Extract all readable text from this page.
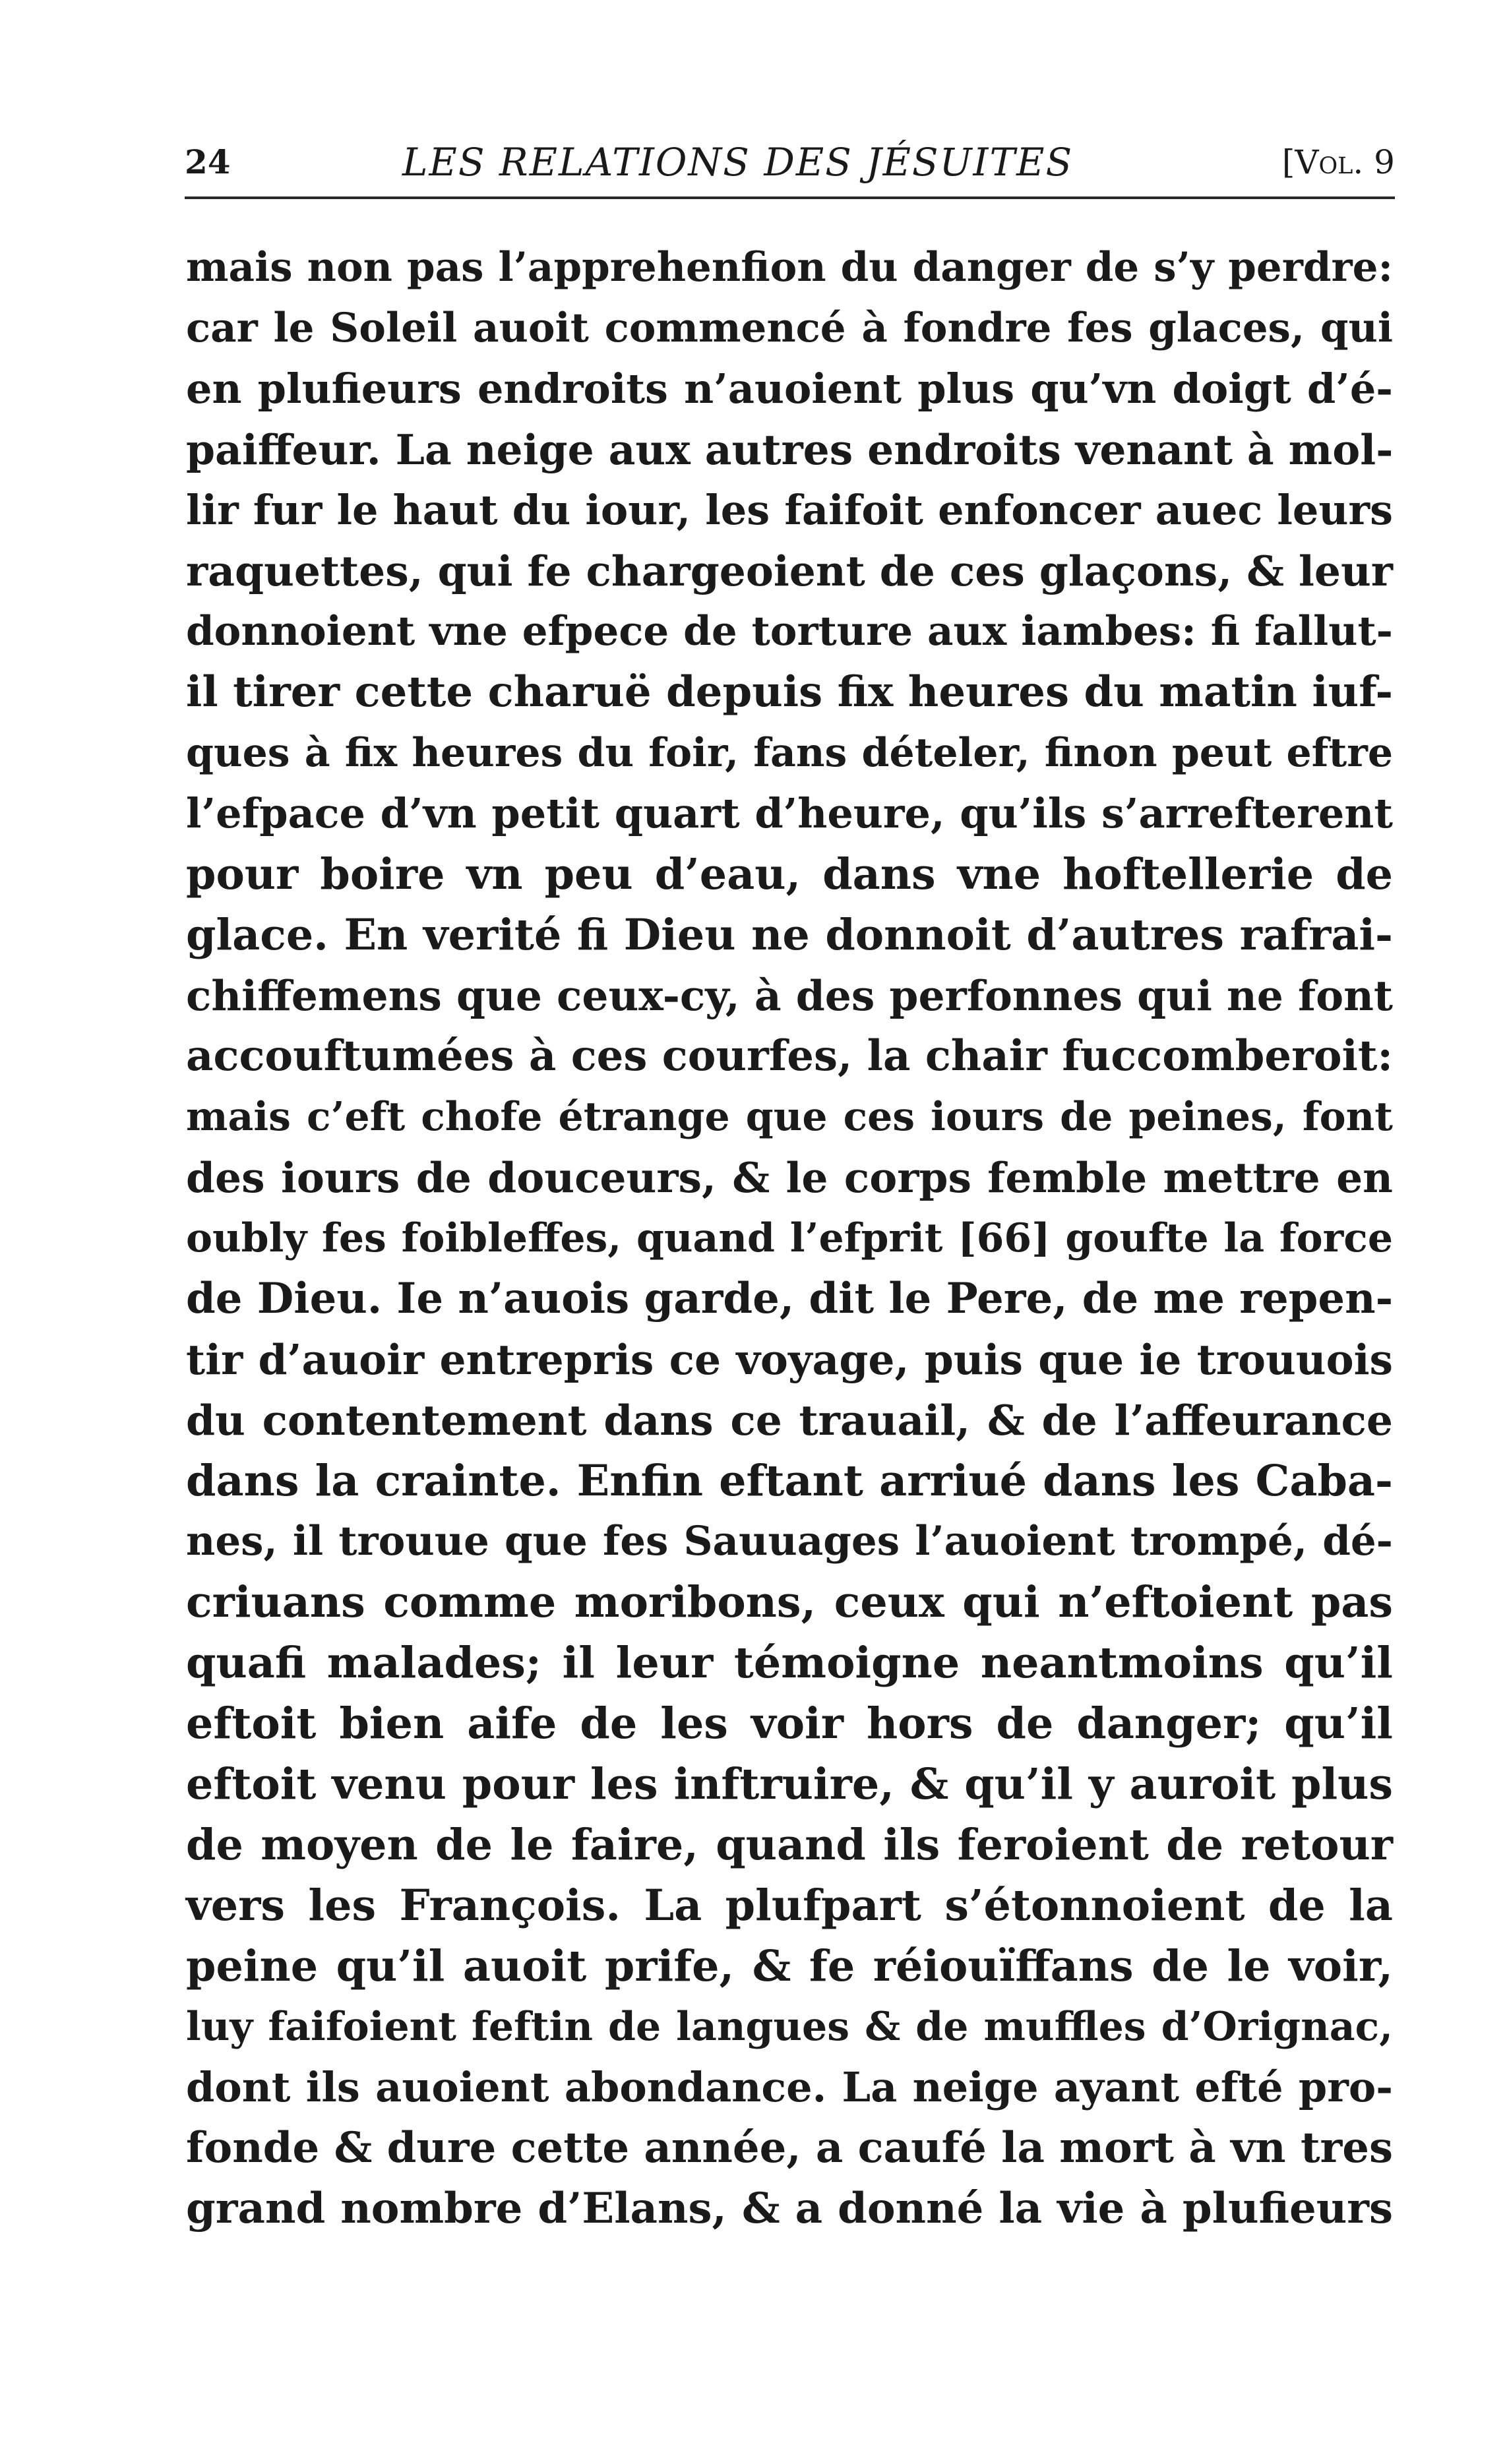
24	LES RELATIONS DES JÉSUITES	[Vol. 9
mais non pas l’apprehenfion du danger de s’y perdre:
car le Soleil auoit commencé à fondre fes glaces, qui
en plufieurs endroits n’auoient plus qu’vn doigt d’é-
paiffeur. La neige aux autres endroits venant à mol-
lir fur le haut du iour, les faifoit enfoncer auec leurs
raquettes, qui fe chargeoient de ces glaçons, & leur
donnoient vne efpece de torture aux iambes: fi fallut-
il tirer cette charuë depuis fix heures du matin iuf-
ques à fix heures du foir, fans dételer, finon peut eftre
l’efpace d’vn petit quart d’heure, qu’ils s’arrefterent
pour boire vn peu d’eau, dans vne hoftellerie de
glace. En verité fi Dieu ne donnoit d’autres rafrai-
chiffemens que ceux-cy, à des perfonnes qui ne font
accouftumées à ces courfes, la chair fuccomberoit:
mais c’eft chofe étrange que ces iours de peines, font
des iours de douceurs, & le corps femble mettre en
oubly fes foibleffes, quand l’efprit [66] goufte la force
de Dieu. Ie n’auois garde, dit le Pere, de me repen-
tir d’auoir entrepris ce voyage, puis que ie trouuois
du contentement dans ce trauail, & de l’affeurance
dans la crainte. Enfin eftant arriué dans les Caba-
nes, il trouue que fes Sauuages l’auoient trompé, dé-
criuans comme moribons, ceux qui n’eftoient pas
quafi malades; il leur témoigne neantmoins qu’il
eftoit bien aife de les voir hors de danger; qu’il
eftoit venu pour les inftruire, & qu’il y auroit plus
de moyen de le faire, quand ils feroient de retour
vers les François. La plufpart s’étonnoient de la
peine qu’il auoit prife, & fe réiouïffans de le voir,
luy faifoient feftin de langues & de muffles d’Orignac,
dont ils auoient abondance. La neige ayant efté pro-
fonde & dure cette année, a caufé la mort à vn tres
grand nombre d’Elans, & a donné la vie à plufieurs
